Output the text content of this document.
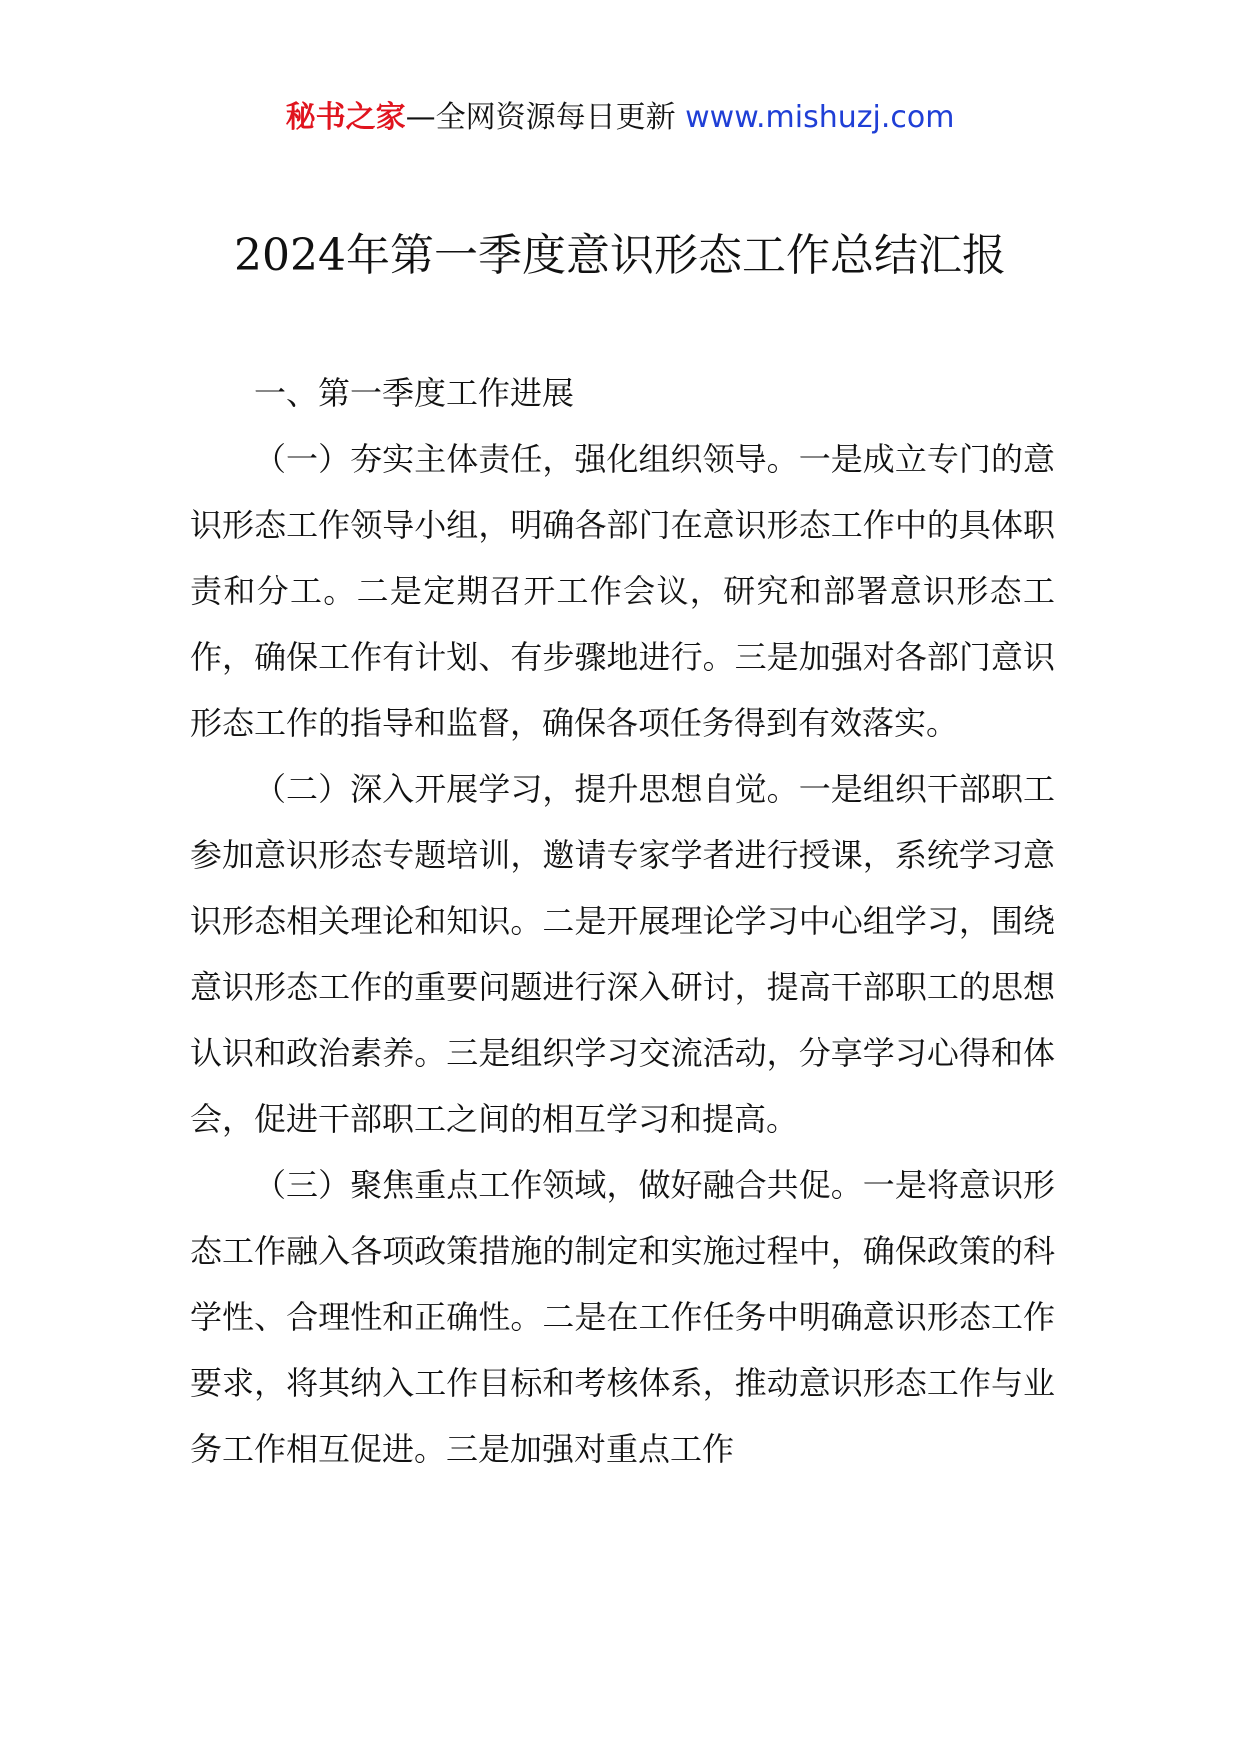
秘书之家—全网资源每日更新 www.mishuzj.com
2024年第一季度意识形态工作总结汇报

一、第一季度工作进展

（一）夯实主体责任，强化组织领导。一是成立专门的意识形态工作领导小组，明确各部门在意识形态工作中的具体职责和分工。二是定期召开工作会议，研究和部署意识形态工作，确保工作有计划、有步骤地进行。三是加强对各部门意识形态工作的指导和监督，确保各项任务得到有效落实。

（二）深入开展学习，提升思想自觉。一是组织干部职工参加意识形态专题培训，邀请专家学者进行授课，系统学习意识形态相关理论和知识。二是开展理论学习中心组学习，围绕意识形态工作的重要问题进行深入研讨，提高干部职工的思想认识和政治素养。三是组织学习交流活动，分享学习心得和体会，促进干部职工之间的相互学习和提高。

（三）聚焦重点工作领域，做好融合共促。一是将意识形态工作融入各项政策措施的制定和实施过程中，确保政策的科学性、合理性和正确性。二是在工作任务中明确意识形态工作要求，将其纳入工作目标和考核体系，推动意识形态工作与业务工作相互促进。三是加强对重点工作
